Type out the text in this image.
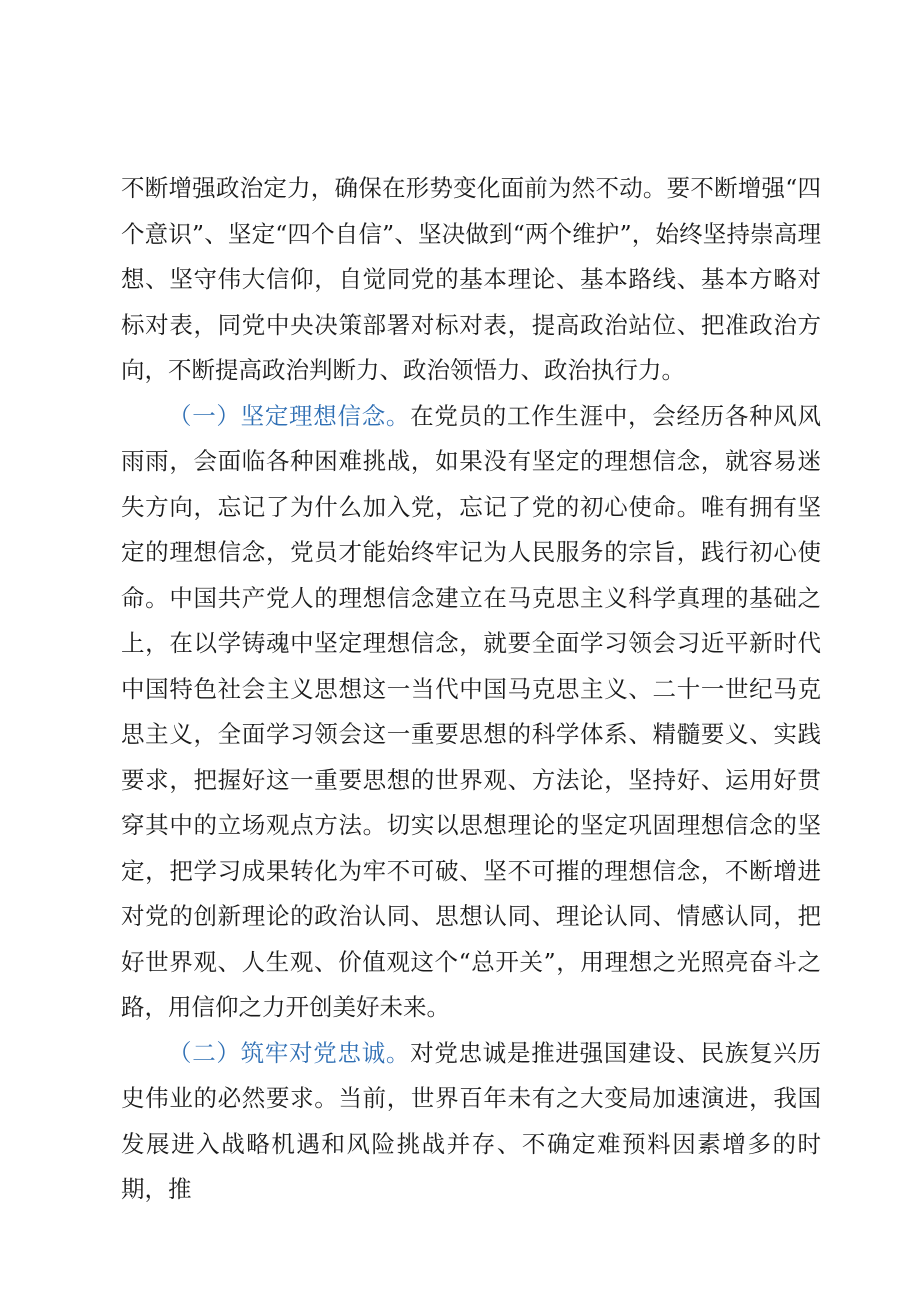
不断增强政治定力，确保在形势变化面前为然不动。要不断增强“四个意识”、坚定“四个自信”、坚决做到“两个维护”，始终坚持崇高理想、坚守伟大信仰，自觉同党的基本理论、基本路线、基本方略对标对表，同党中央决策部署对标对表，提高政治站位、把准政治方向，不断提高政治判断力、政治领悟力、政治执行力。

（一）坚定理想信念。在党员的工作生涯中，会经历各种风风雨雨，会面临各种困难挑战，如果没有坚定的理想信念，就容易迷失方向，忘记了为什么加入党，忘记了党的初心使命。唯有拥有坚定的理想信念，党员才能始终牢记为人民服务的宗旨，践行初心使命。中国共产党人的理想信念建立在马克思主义科学真理的基础之上，在以学铸魂中坚定理想信念，就要全面学习领会习近平新时代中国特色社会主义思想这一当代中国马克思主义、二十一世纪马克思主义，全面学习领会这一重要思想的科学体系、精髓要义、实践要求，把握好这一重要思想的世界观、方法论，坚持好、运用好贯穿其中的立场观点方法。切实以思想理论的坚定巩固理想信念的坚定，把学习成果转化为牢不可破、坚不可摧的理想信念，不断增进对党的创新理论的政治认同、思想认同、理论认同、情感认同，把好世界观、人生观、价值观这个“总开关”，用理想之光照亮奋斗之路，用信仰之力开创美好未来。

（二）筑牢对党忠诚。对党忠诚是推进强国建设、民族复兴历史伟业的必然要求。当前，世界百年未有之大变局加速演进，我国发展进入战略机遇和风险挑战并存、不确定难预料因素增多的时期，推
